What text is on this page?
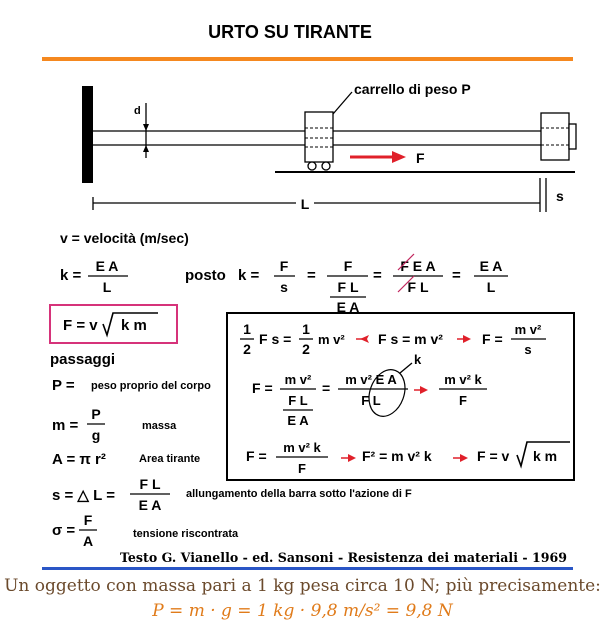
URTO SU TIRANTE
d
carrello di peso P
F
L	s
v = velocità (m/sec)
k =
E A
L
posto k =
F
s
=
F
F L
E A
=
F E A
F L
=
E A
L
F = v k m
passaggi
P = peso proprio del corpo
m =
P
g
massa
A = π r²	Area tirante
s = △ L =
F L
E A
allungamento della barra sotto l'azione di F
σ =
F
A	tensione riscontrata
1
2
F s =
1
2
m v² F s = m v²	F =
m v²
s
F =
m v²
F L
E A
=
m v² E A
F L
k
m v² k
F
F =
m v² k
F
F² = m v² k	F = v k m
Testo G. Vianello - ed. Sansoni - Resistenza dei materiali - 1969
Un oggetto con massa pari a 1 kg pesa circa 10 N; più precisamente:
P = m · g = 1 kg · 9,8 m/s² = 9,8 N
